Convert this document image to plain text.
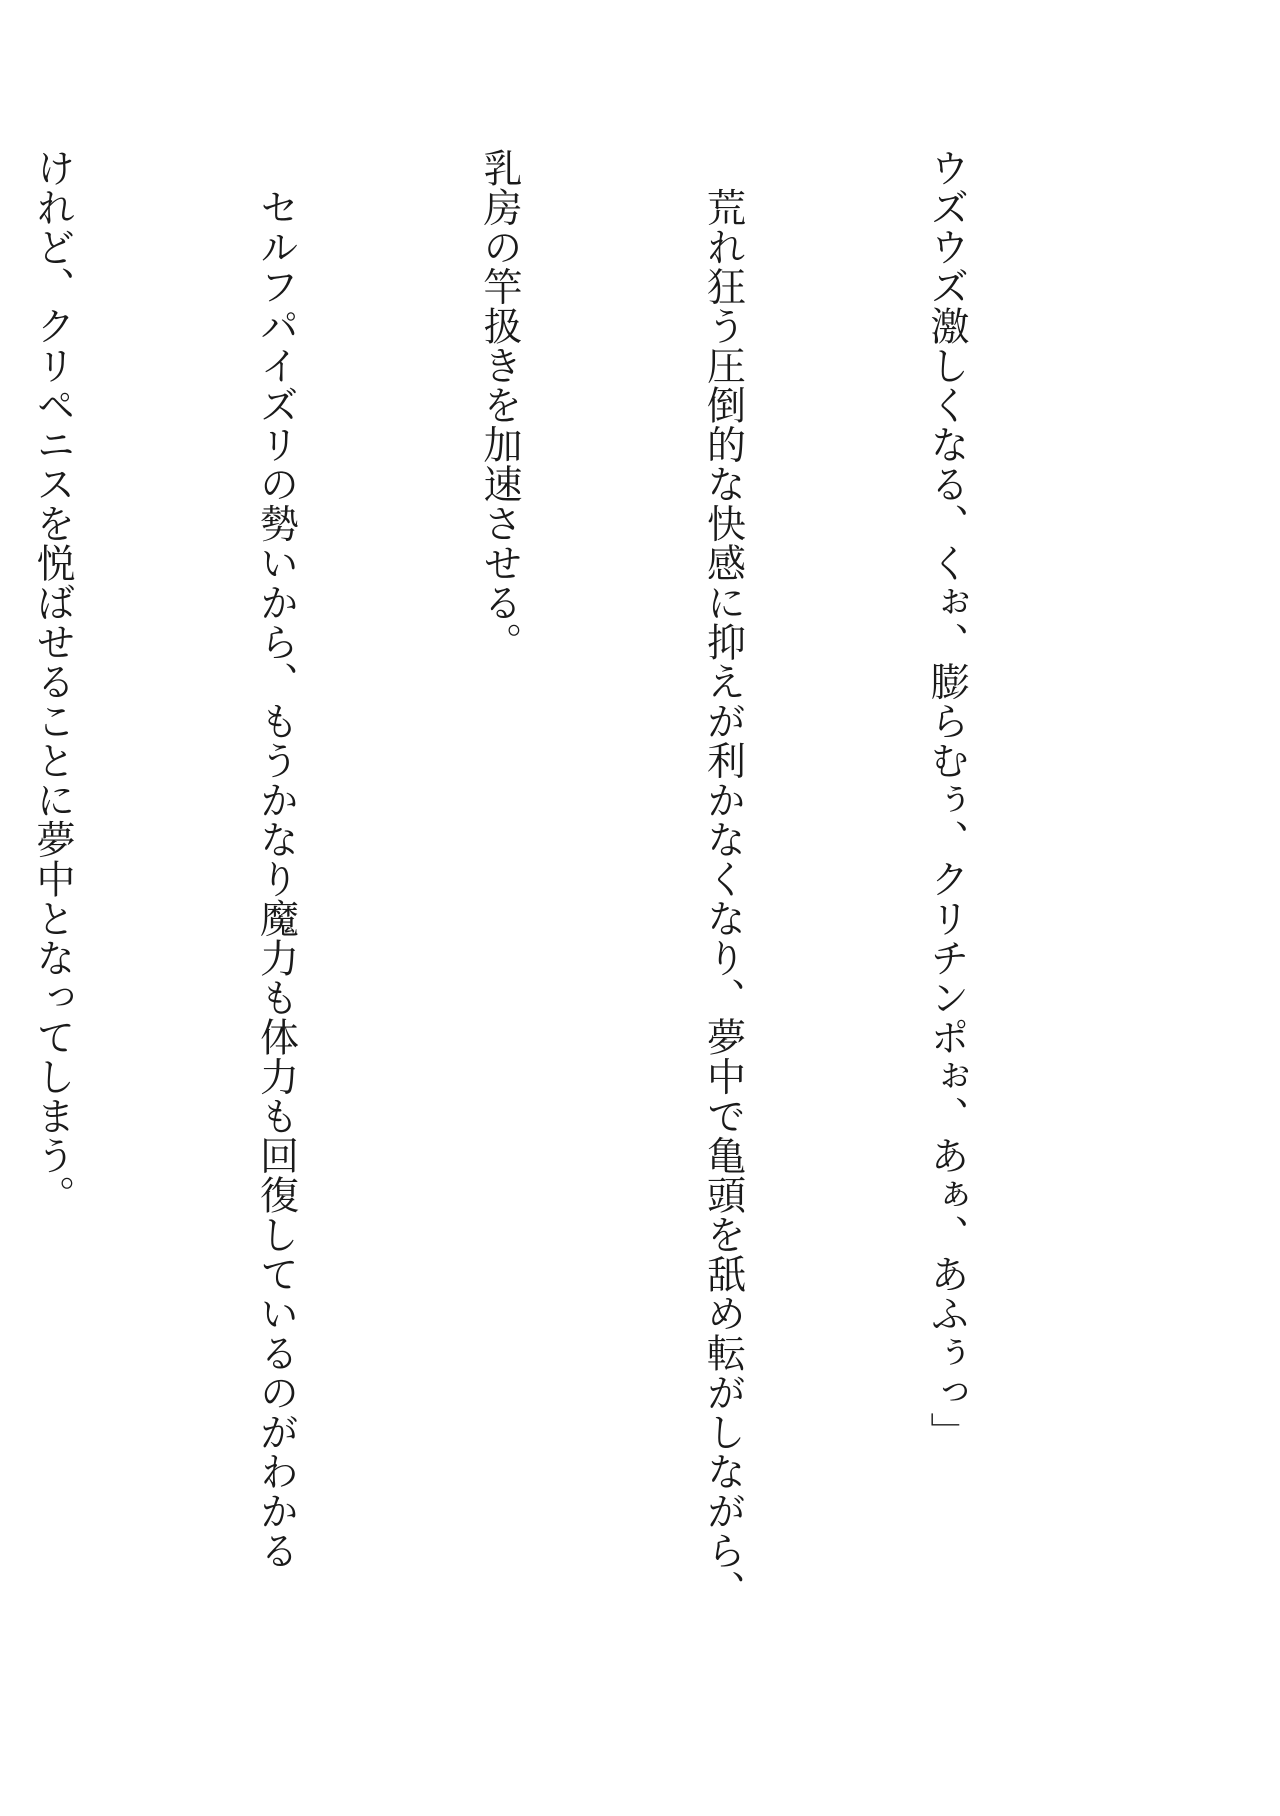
ウズウズ激しくなる、くぉ、膨らむぅ、クリチンポぉ、あぁ、あふぅっ」

　荒れ狂う圧倒的な快感に抑えが利かなくなり、夢中で亀頭を舐め転がしながら、

乳房の竿扱きを加速させる。

　セルフパイズリの勢いから、もうかなり魔力も体力も回復しているのがわかる

けれど、クリペニスを悦ばせることに夢中となってしまう。
